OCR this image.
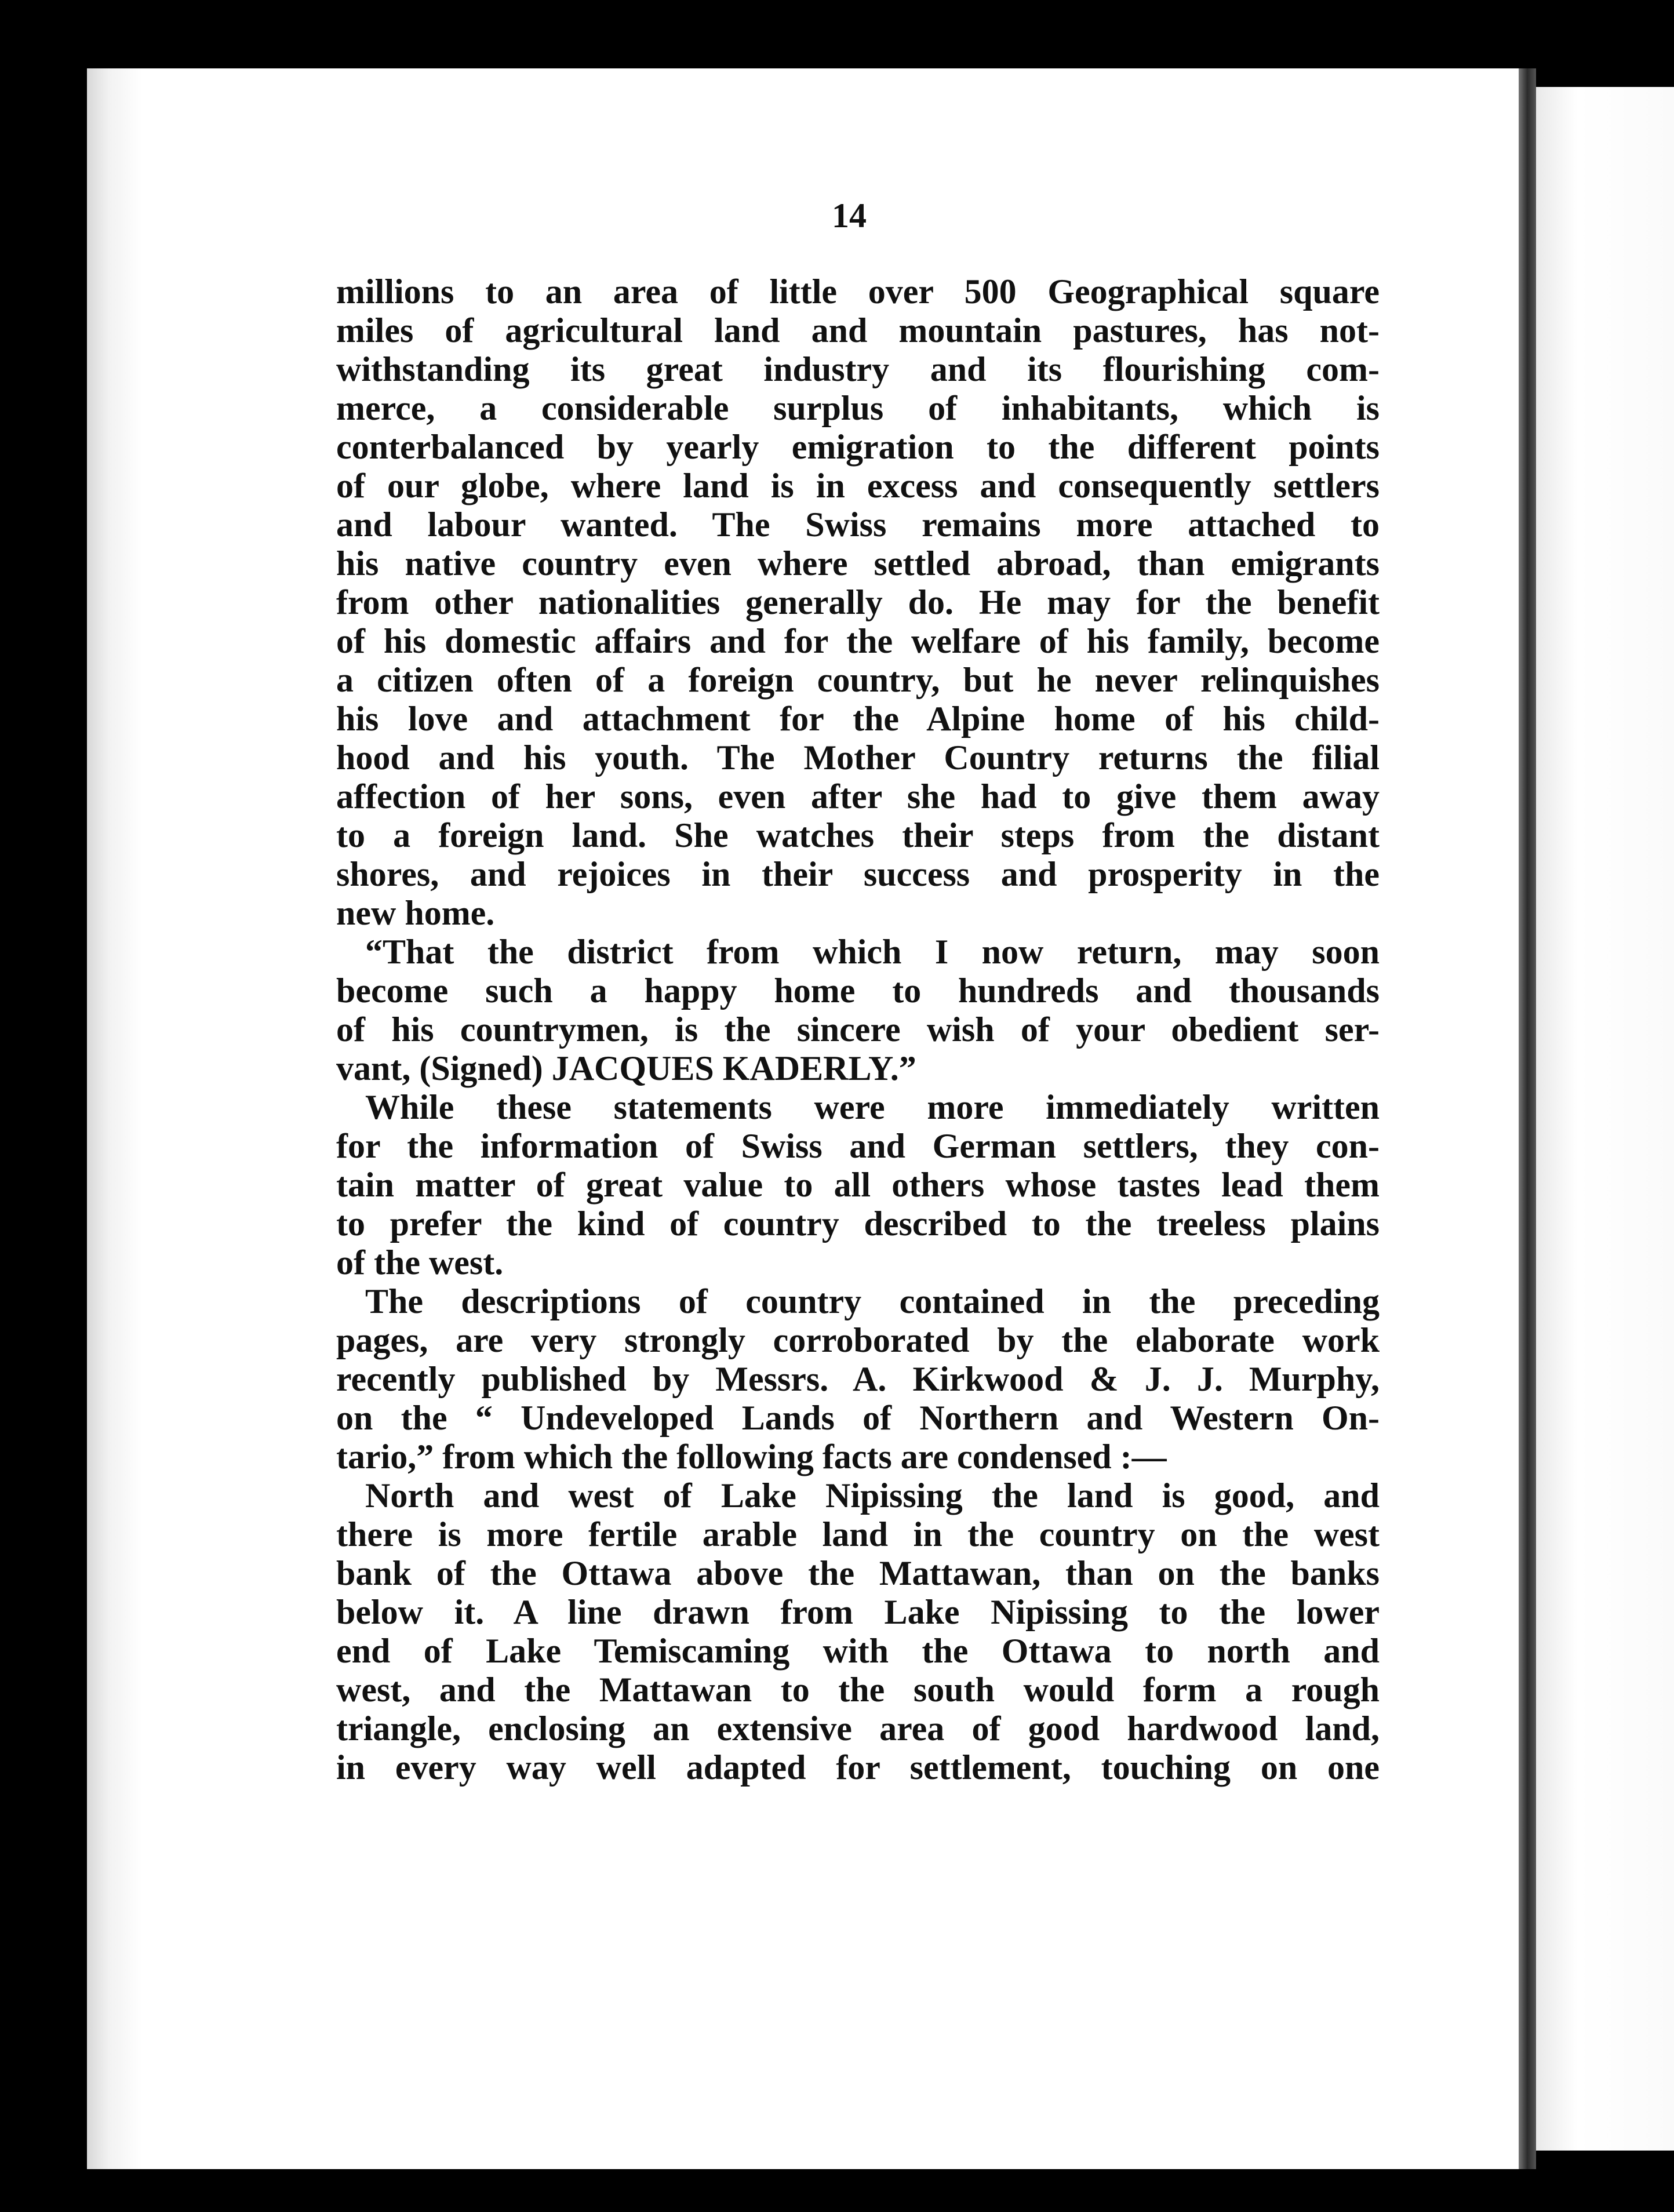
14
millions to an area of little over 500 Geographical square
miles of agricultural land and mountain pastures, has not-
withstanding its great industry and its flourishing com-
merce, a considerable surplus of inhabitants, which is
conterbalanced by yearly emigration to the different points
of our globe, where land is in excess and consequently settlers
and labour wanted. The Swiss remains more attached to
his native country even where settled abroad, than emigrants
from other nationalities generally do. He may for the benefit
of his domestic affairs and for the welfare of his family, become
a citizen often of a foreign country, but he never relinquishes
his love and attachment for the Alpine home of his child-
hood and his youth. The Mother Country returns the filial
affection of her sons, even after she had to give them away
to a foreign land. She watches their steps from the distant
shores, and rejoices in their success and prosperity in the
new home.
“That the district from which I now return, may soon
become such a happy home to hundreds and thousands
of his countrymen, is the sincere wish of your obedient ser-
vant, (Signed) JACQUES KADERLY.”
While these statements were more immediately written
for the information of Swiss and German settlers, they con-
tain matter of great value to all others whose tastes lead them
to prefer the kind of country described to the treeless plains
of the west.
The descriptions of country contained in the preceding
pages, are very strongly corroborated by the elaborate work
recently published by Messrs. A. Kirkwood & J. J. Murphy,
on the “ Undeveloped Lands of Northern and Western On-
tario,” from which the following facts are condensed :—
North and west of Lake Nipissing the land is good, and
there is more fertile arable land in the country on the west
bank of the Ottawa above the Mattawan, than on the banks
below it. A line drawn from Lake Nipissing to the lower
end of Lake Temiscaming with the Ottawa to north and
west, and the Mattawan to the south would form a rough
triangle, enclosing an extensive area of good hardwood land,
in every way well adapted for settlement, touching on one
